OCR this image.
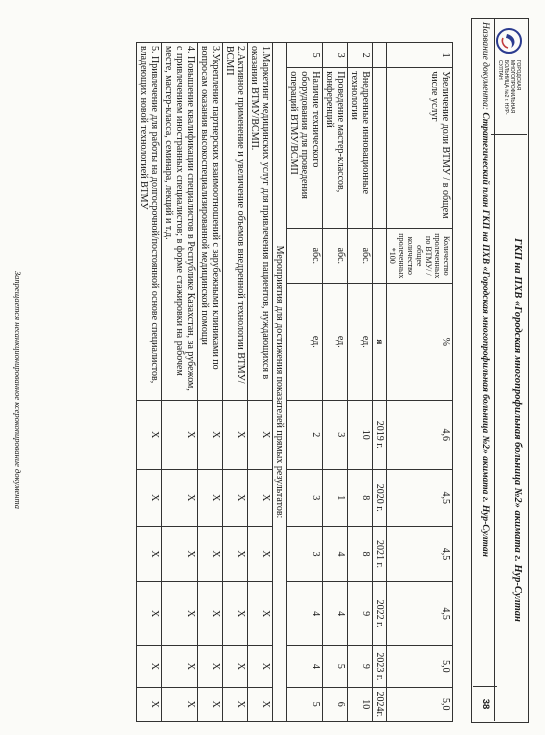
ГОРОДСКАЯ МНОГОПРОФИЛЬНАЯ БОЛЬНИЦА №2 г. НУР-СУЛТАН
ГКП на ПХВ «Городская многопрофильная больница №2» акимата г. Нур-Султан
Название документа: Стратегический план ГКП на ПХВ «Городская многопрофильная больница №2» акимата г. Нур-Султан
38
1	Увеличение доли ВТМУ / в общем числе услуг	Количество пролеченных по ВТМУ/ /общее количество пролеченных *100	%	4,6	4,5	4,5	4,5	5,0	5,0
			я	2019 г.	2020 г.	2021 г.	2022 г.	2023 г.	2024г.
2	Внедренные инновационные технологии	абс.	ед.	10	8	8	9	9	10
3	Проведение мастер-классов, конференций	абс.	ед.	3	1	4	4	5	6
5	Наличие технического оборудования для проведения операций ВТМУ/ВСМП	абс.	ед.	2	3	3	4	4	5
Мероприятия для достижения показателей прямых результатов:									
1.Маркетинг медицинских услуг для привлечения пациентов, нуждающихся в оказании ВТМУ/ВСМП.				X	X	X	X	X	X
2.Активное применение и увеличение объемов внедренной технологии ВТМУ/ВСМП				X	X	X	X	X	X
3.Укрепление партнерских взаимоотношений с зарубежными клиниками по вопросам оказания высокоспециализированной медицинской помощи				X	X	X	X	X	X
4. Повышение квалификации специалистов в Республике Казахстан, за рубежом, с привлечением иностранных специалистов; в форме стажировки на рабочем месте, мастер-класса, семинара, лекций и т.д.				X	X	X	X	X	X
5. Привлечение для работы на долгосрочной/постоянной основе специалистов, владеющих новой технологией ВТМУ				X	X	X	X	X	X
Запрещается несанкционированное ксерокопирование документа
